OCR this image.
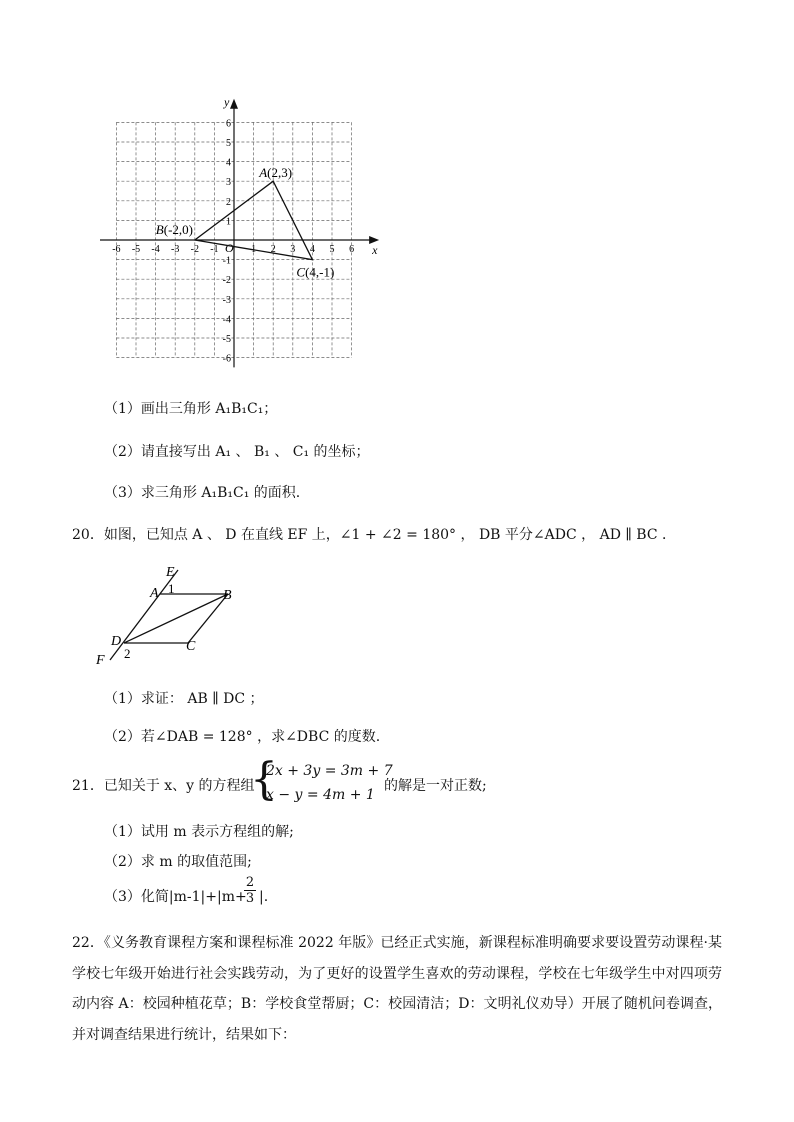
x
y
O
-6 -5 -4 -3 -2 -1	1 2 3 4 5 6
6
5
4
3
2
1
-1
-2
-3
-4
-5
-6
A(2,3)
B(-2,0)
C(4,-1)
（1）画出三角形 A₁B₁C₁；
（2）请直接写出 A₁ 、 B₁ 、 C₁ 的坐标；
（3）求三角形 A₁B₁C₁ 的面积.
20．如图，已知点 A 、 D 在直线 EF 上，∠1 + ∠2 = 180° ， DB 平分∠ADC ， AD ∥ BC ．
E
A 1	B
D	C
2
F
（1）求证： AB ∥ DC ；
（2）若∠DAB = 128° ，求∠DBC 的度数.
21．已知关于 x、y 的方程组
{
2x + 3y = 3m + 7
x − y = 4m + 1
的解是一对正数;
（1）试用 m 表示方程组的解;
（2）求 m 的取值范围;
（3）化简|m-1|+|m+
$\frac{2}{3}$ |.
22．《义务教育课程方案和课程标准 2022 年版》已经正式实施，新课程标准明确要求要设置劳动课程·某学校七年级开始进行社会实践劳动，为了更好的设置学生喜欢的劳动课程，学校在七年级学生中对四项劳动内容 A：校园种植花草；B：学校食堂帮厨；C：校园清洁；D：文明礼仪劝导）开展了随机问卷调查，并对调查结果进行统计，结果如下：
